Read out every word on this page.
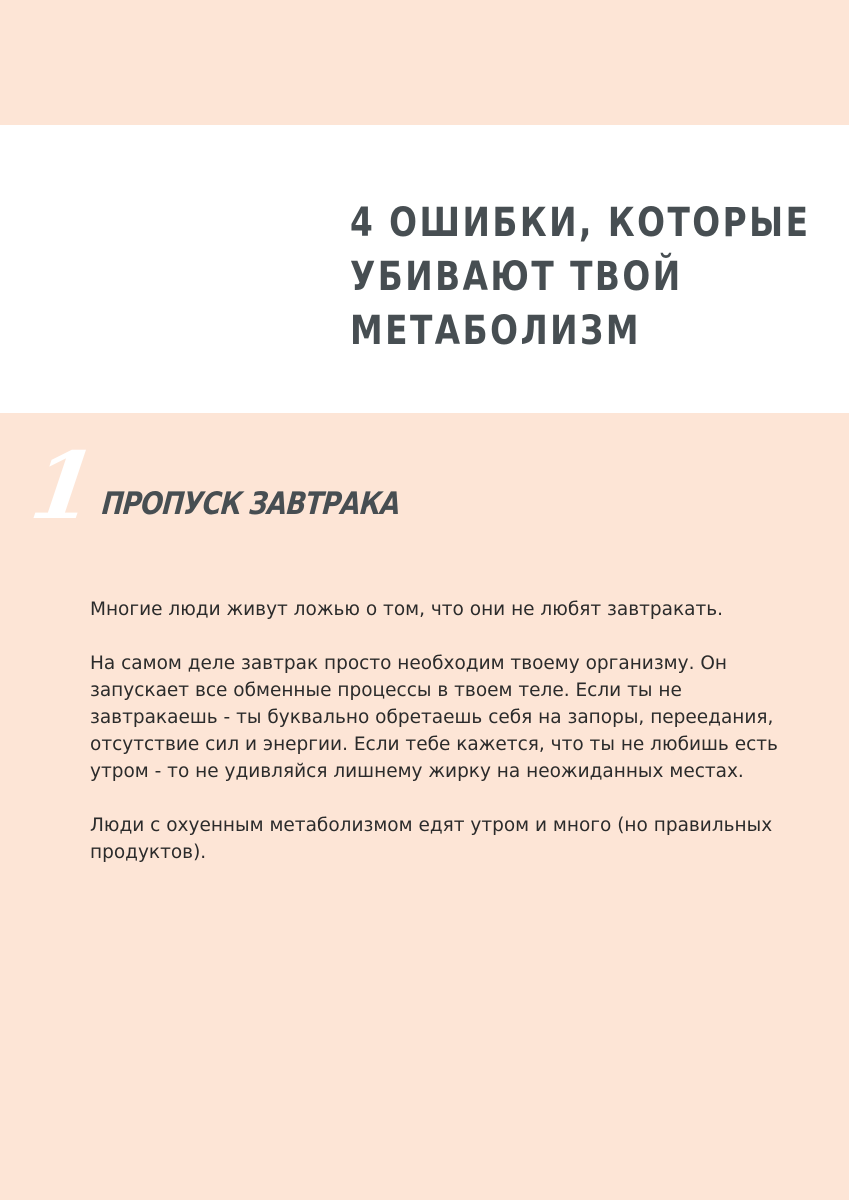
4 ОШИБКИ, КОТОРЫЕ
УБИВАЮТ ТВОЙ
МЕТАБОЛИЗМ
1
ПРОПУСК ЗАВТРАКА

Многие люди живут ложью о том, что они не любят завтракать.

На самом деле завтрак просто необходим твоему организму. Он запускает все обменные процессы в твоем теле. Если ты не завтракаешь - ты буквально обретаешь себя на запоры, переедания, отсутствие сил и энергии. Если тебе кажется, что ты не любишь есть утром - то не удивляйся лишнему жирку на неожиданных местах.

Люди с охуенным метаболизмом едят утром и много (но правильных продуктов).
